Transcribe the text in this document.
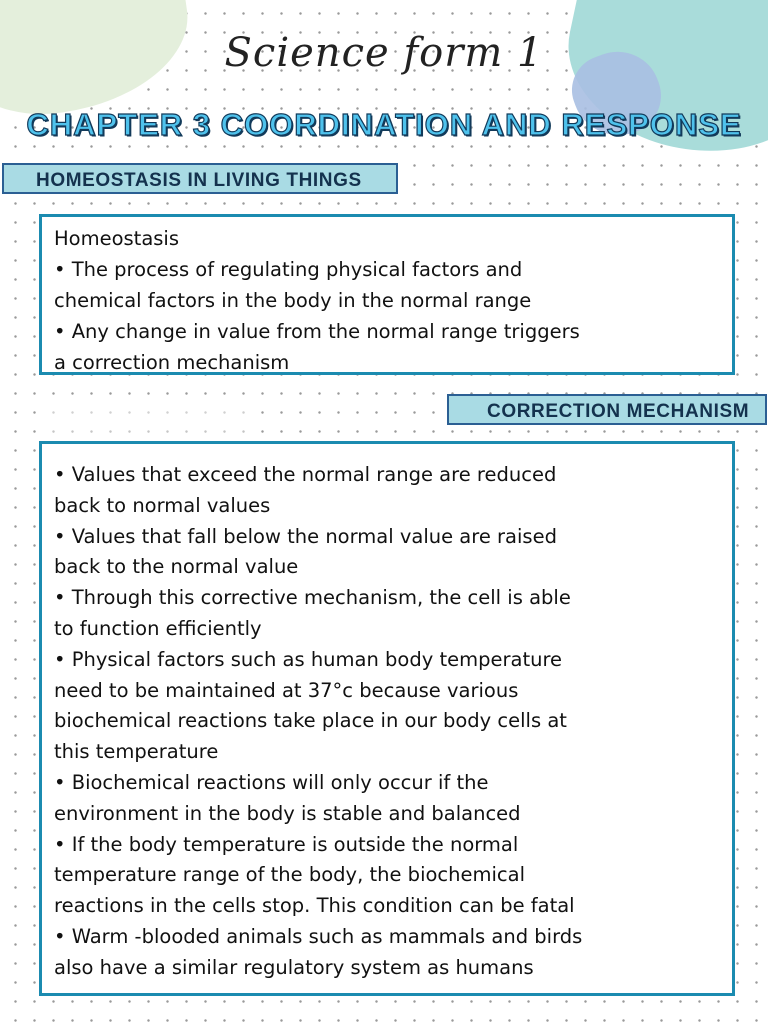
Science form 1
CHAPTER 3 COORDINATION AND RESPONSE
HOMEOSTASIS IN LIVING THINGS

Homeostasis

• The process of regulating physical factors and
chemical factors in the body in the normal range

• Any change in value from the normal range triggers
a correction mechanism

CORRECTION MECHANISM

• Values that exceed the normal range are reduced
back to normal values

• Values that fall below the normal value are raised
back to the normal value

• Through this corrective mechanism, the cell is able
to function efficiently

• Physical factors such as human body temperature
need to be maintained at 37°c because various
biochemical reactions take place in our body cells at
this temperature

• Biochemical reactions will only occur if the
environment in the body is stable and balanced

• If the body temperature is outside the normal
temperature range of the body, the biochemical
reactions in the cells stop. This condition can be fatal

• Warm -blooded animals such as mammals and birds
also have a similar regulatory system as humans
